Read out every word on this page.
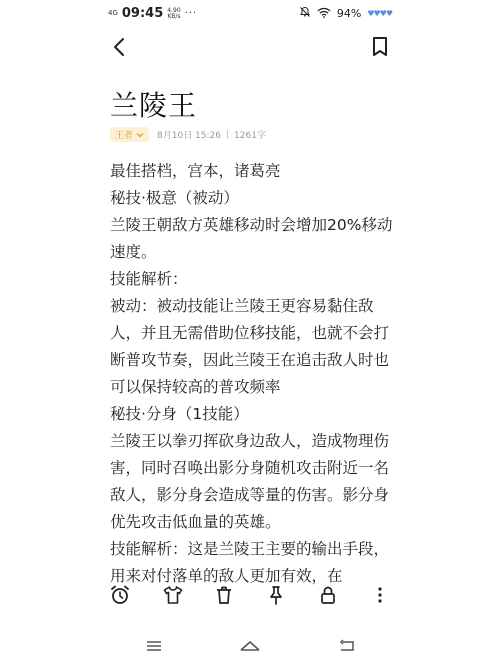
4G 09:45 4.90
KB/s ···	94% ♥♥♥♥
兰陵王
王者	8月10日 15:26 | 1261字

最佳搭档，宫本，诸葛亮

秘技·极意（被动）

兰陵王朝敌方英雄移动时会增加20%移动速度。

技能解析：

被动：被动技能让兰陵王更容易黏住敌人，并且无需借助位移技能，也就不会打断普攻节奏，因此兰陵王在追击敌人时也可以保持较高的普攻频率

秘技·分身（1技能）

兰陵王以拳刃挥砍身边敌人，造成物理伤害，同时召唤出影分身随机攻击附近一名敌人，影分身会造成等量的伤害。影分身优先攻击低血量的英雄。

技能解析：这是兰陵王主要的输出手段，用来对付落单的敌人更加有效，在
